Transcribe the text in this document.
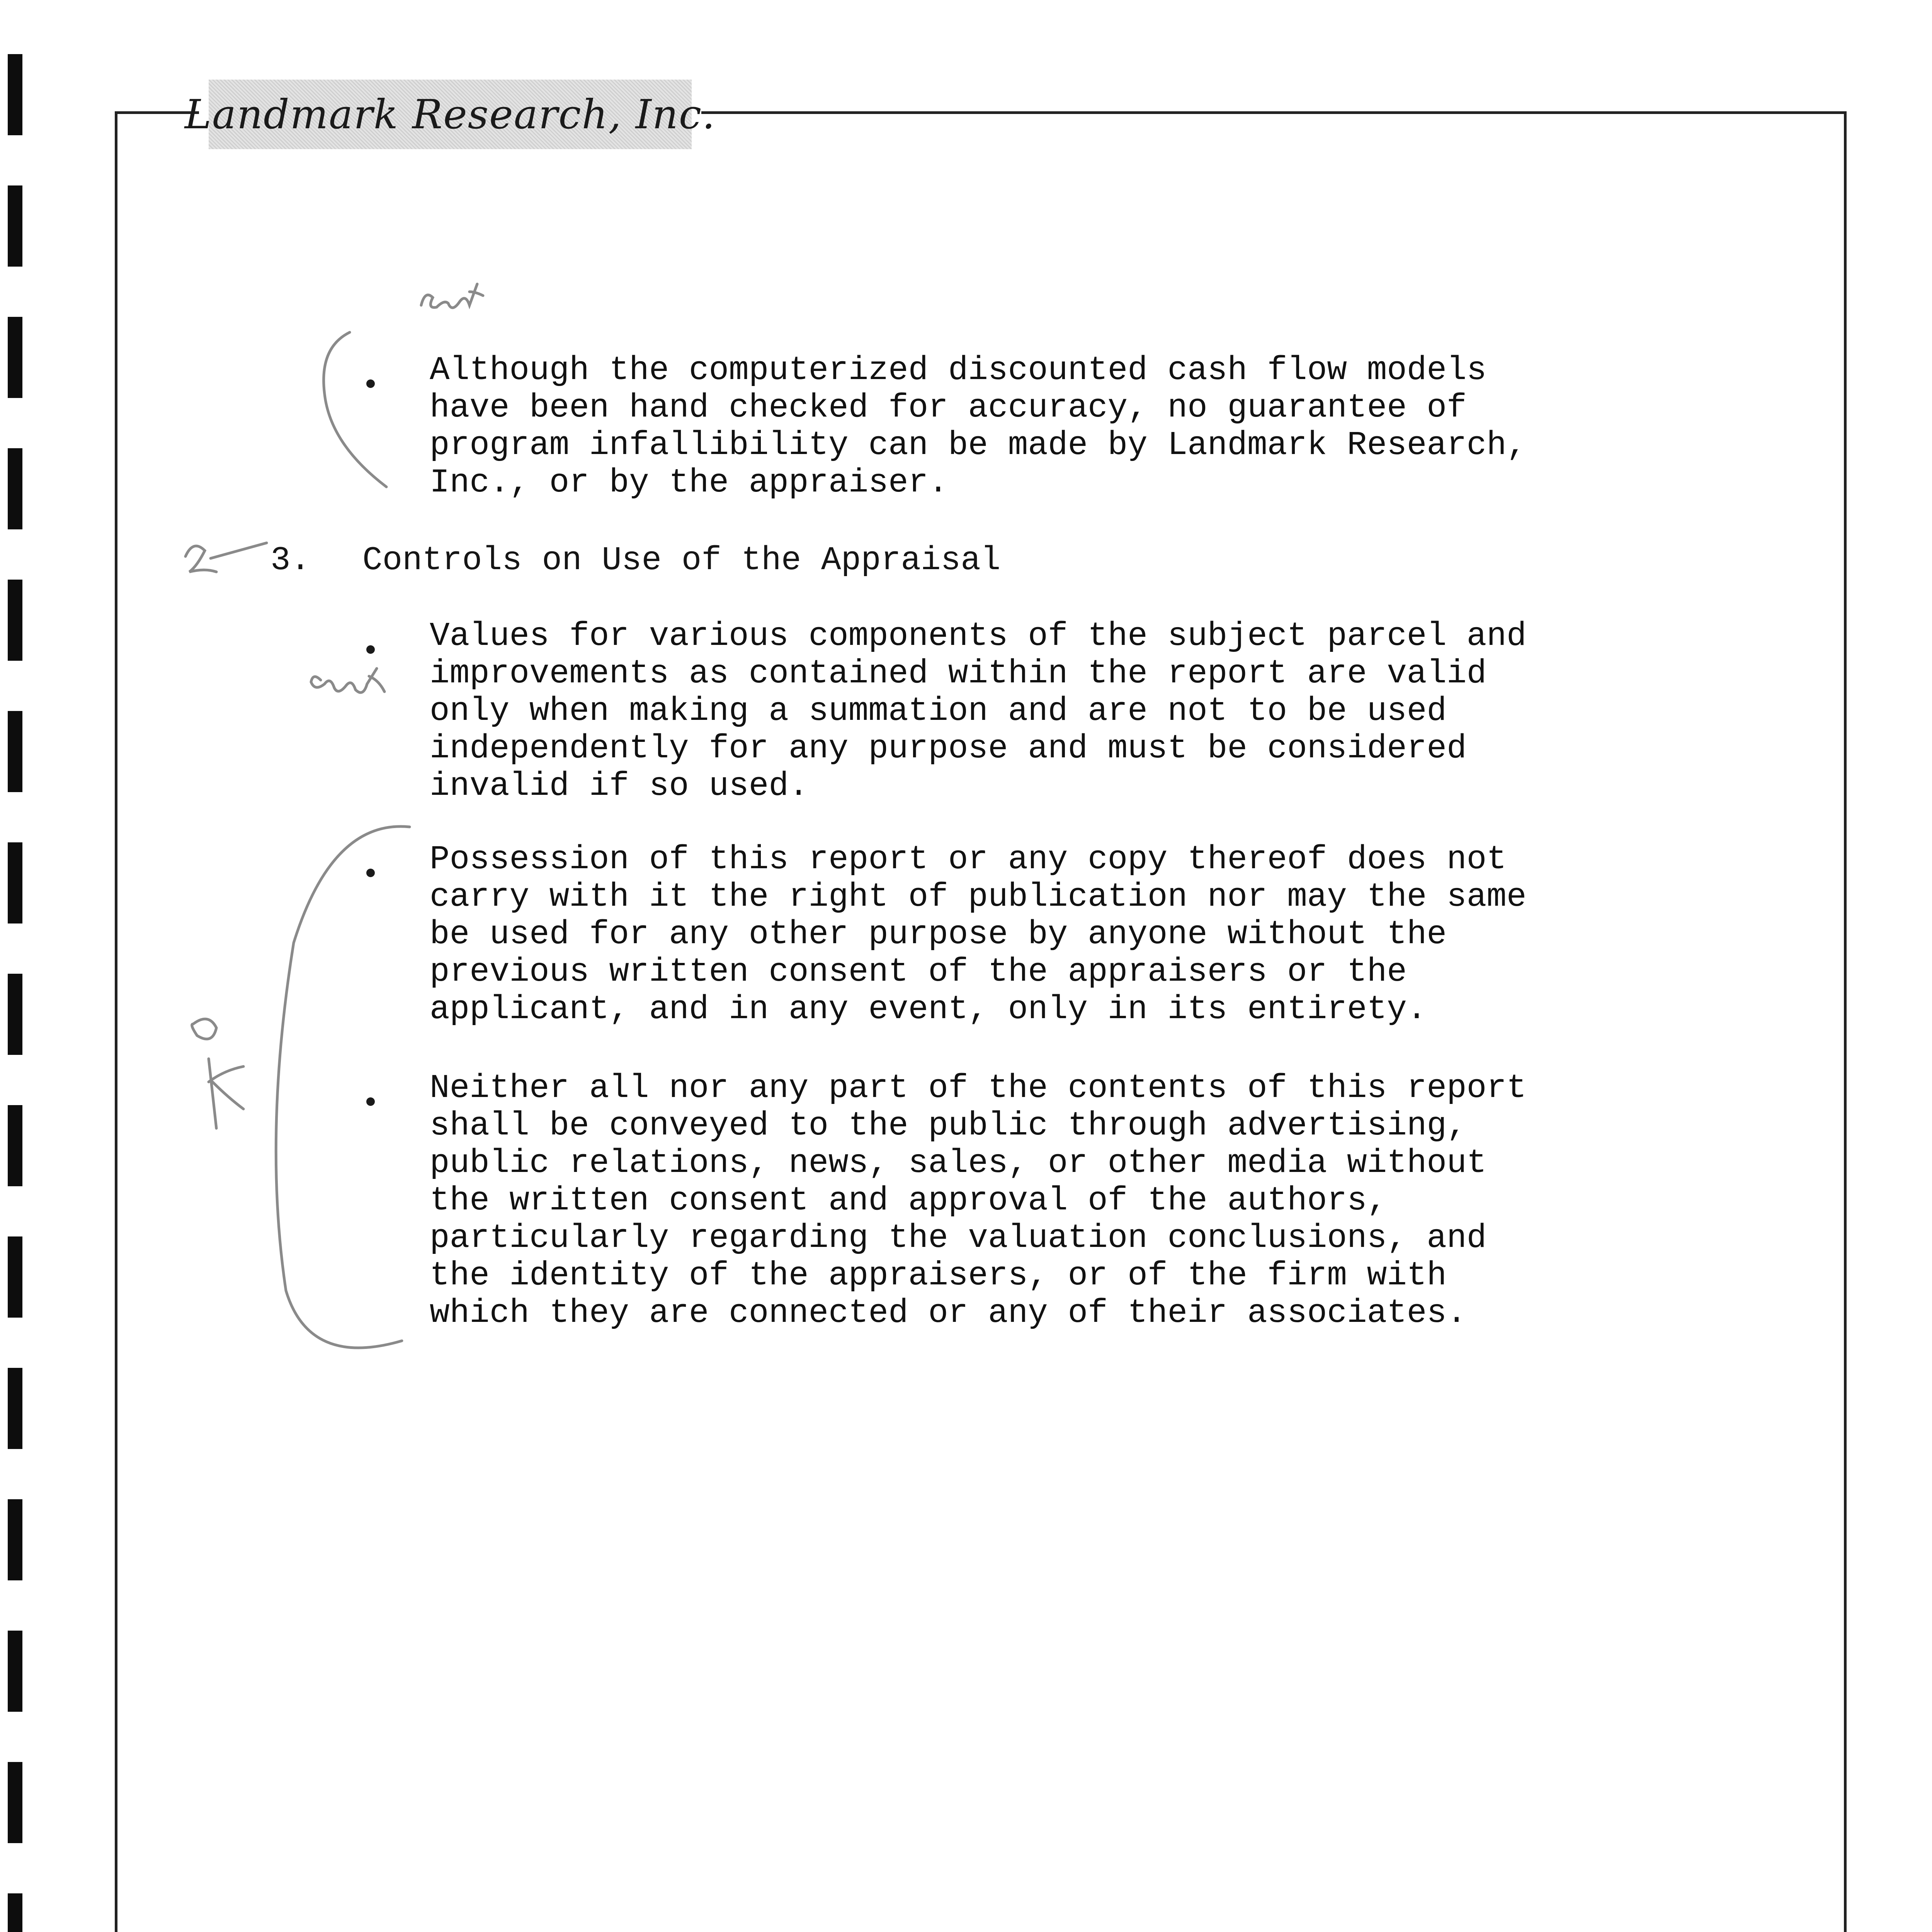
Landmark Research, Inc.
Although the computerized discounted cash flow models
have been hand checked for accuracy, no guarantee of
program infallibility can be made by Landmark Research,
Inc., or by the appraiser.
3. Controls on Use of the Appraisal
Values for various components of the subject parcel and
improvements as contained within the report are valid
only when making a summation and are not to be used
independently for any purpose and must be considered
invalid if so used.
Possession of this report or any copy thereof does not
carry with it the right of publication nor may the same
be used for any other purpose by anyone without the
previous written consent of the appraisers or the
applicant, and in any event, only in its entirety.
Neither all nor any part of the contents of this report
shall be conveyed to the public through advertising,
public relations, news, sales, or other media without
the written consent and approval of the authors,
particularly regarding the valuation conclusions, and
the identity of the appraisers, or of the firm with
which they are connected or any of their associates.
